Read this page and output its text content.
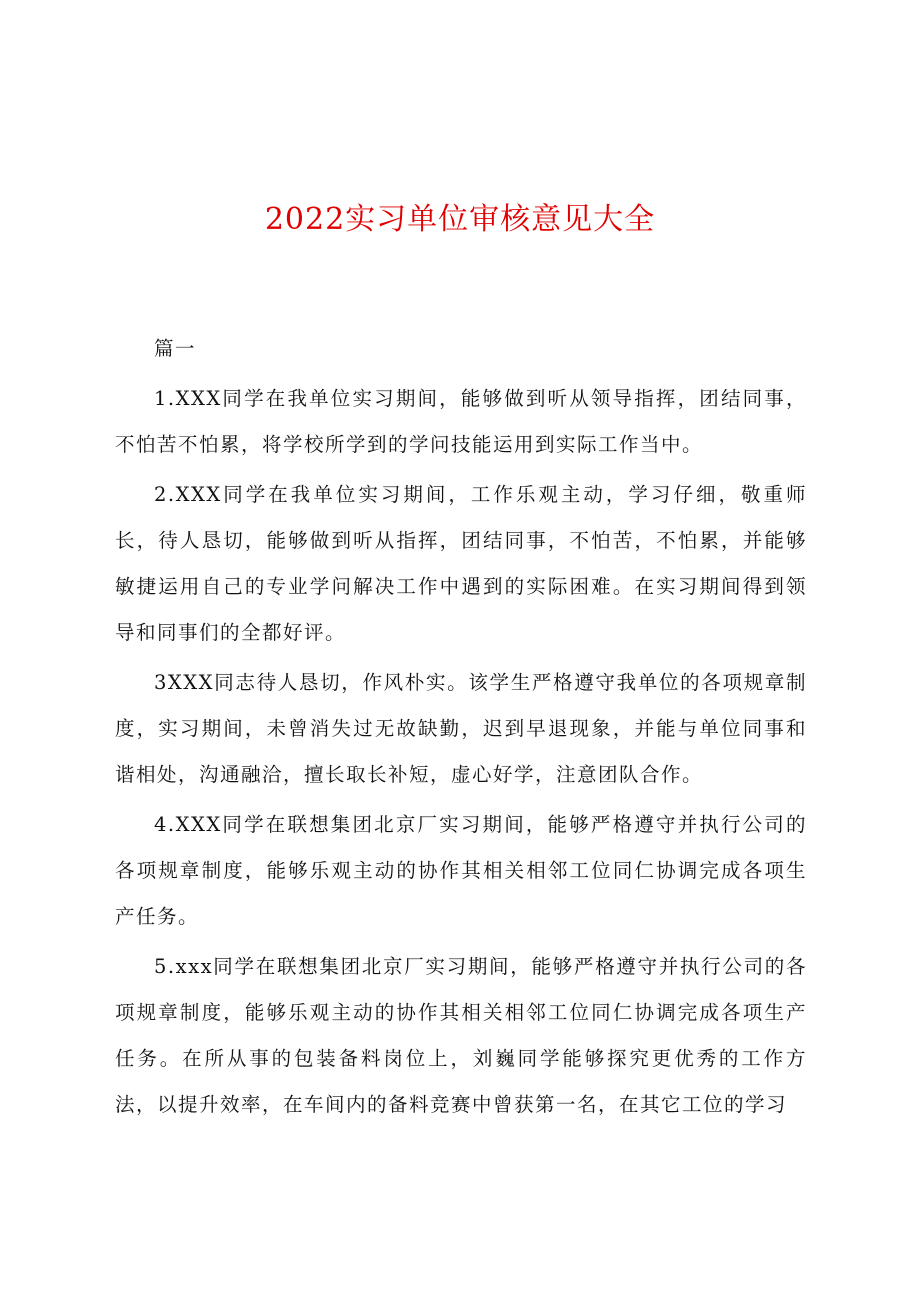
2022实习单位审核意见大全

篇一

1.XXX同学在我单位实习期间，能够做到听从领导指挥，团结同事，不怕苦不怕累，将学校所学到的学问技能运用到实际工作当中。

2.XXX同学在我单位实习期间，工作乐观主动，学习仔细，敬重师长，待人恳切，能够做到听从指挥，团结同事，不怕苦，不怕累，并能够敏捷运用自己的专业学问解决工作中遇到的实际困难。在实习期间得到领导和同事们的全都好评。

3XXX同志待人恳切，作风朴实。该学生严格遵守我单位的各项规章制度，实习期间，未曾消失过无故缺勤，迟到早退现象，并能与单位同事和谐相处，沟通融洽，擅长取长补短，虚心好学，注意团队合作。

4.XXX同学在联想集团北京厂实习期间，能够严格遵守并执行公司的各项规章制度，能够乐观主动的协作其相关相邻工位同仁协调完成各项生产任务。

5.xxx同学在联想集团北京厂实习期间，能够严格遵守并执行公司的各项规章制度，能够乐观主动的协作其相关相邻工位同仁协调完成各项生产任务。在所从事的包装备料岗位上，刘巍同学能够探究更优秀的工作方法，以提升效率，在车间内的备料竞赛中曾获第一名，在其它工位的学习
